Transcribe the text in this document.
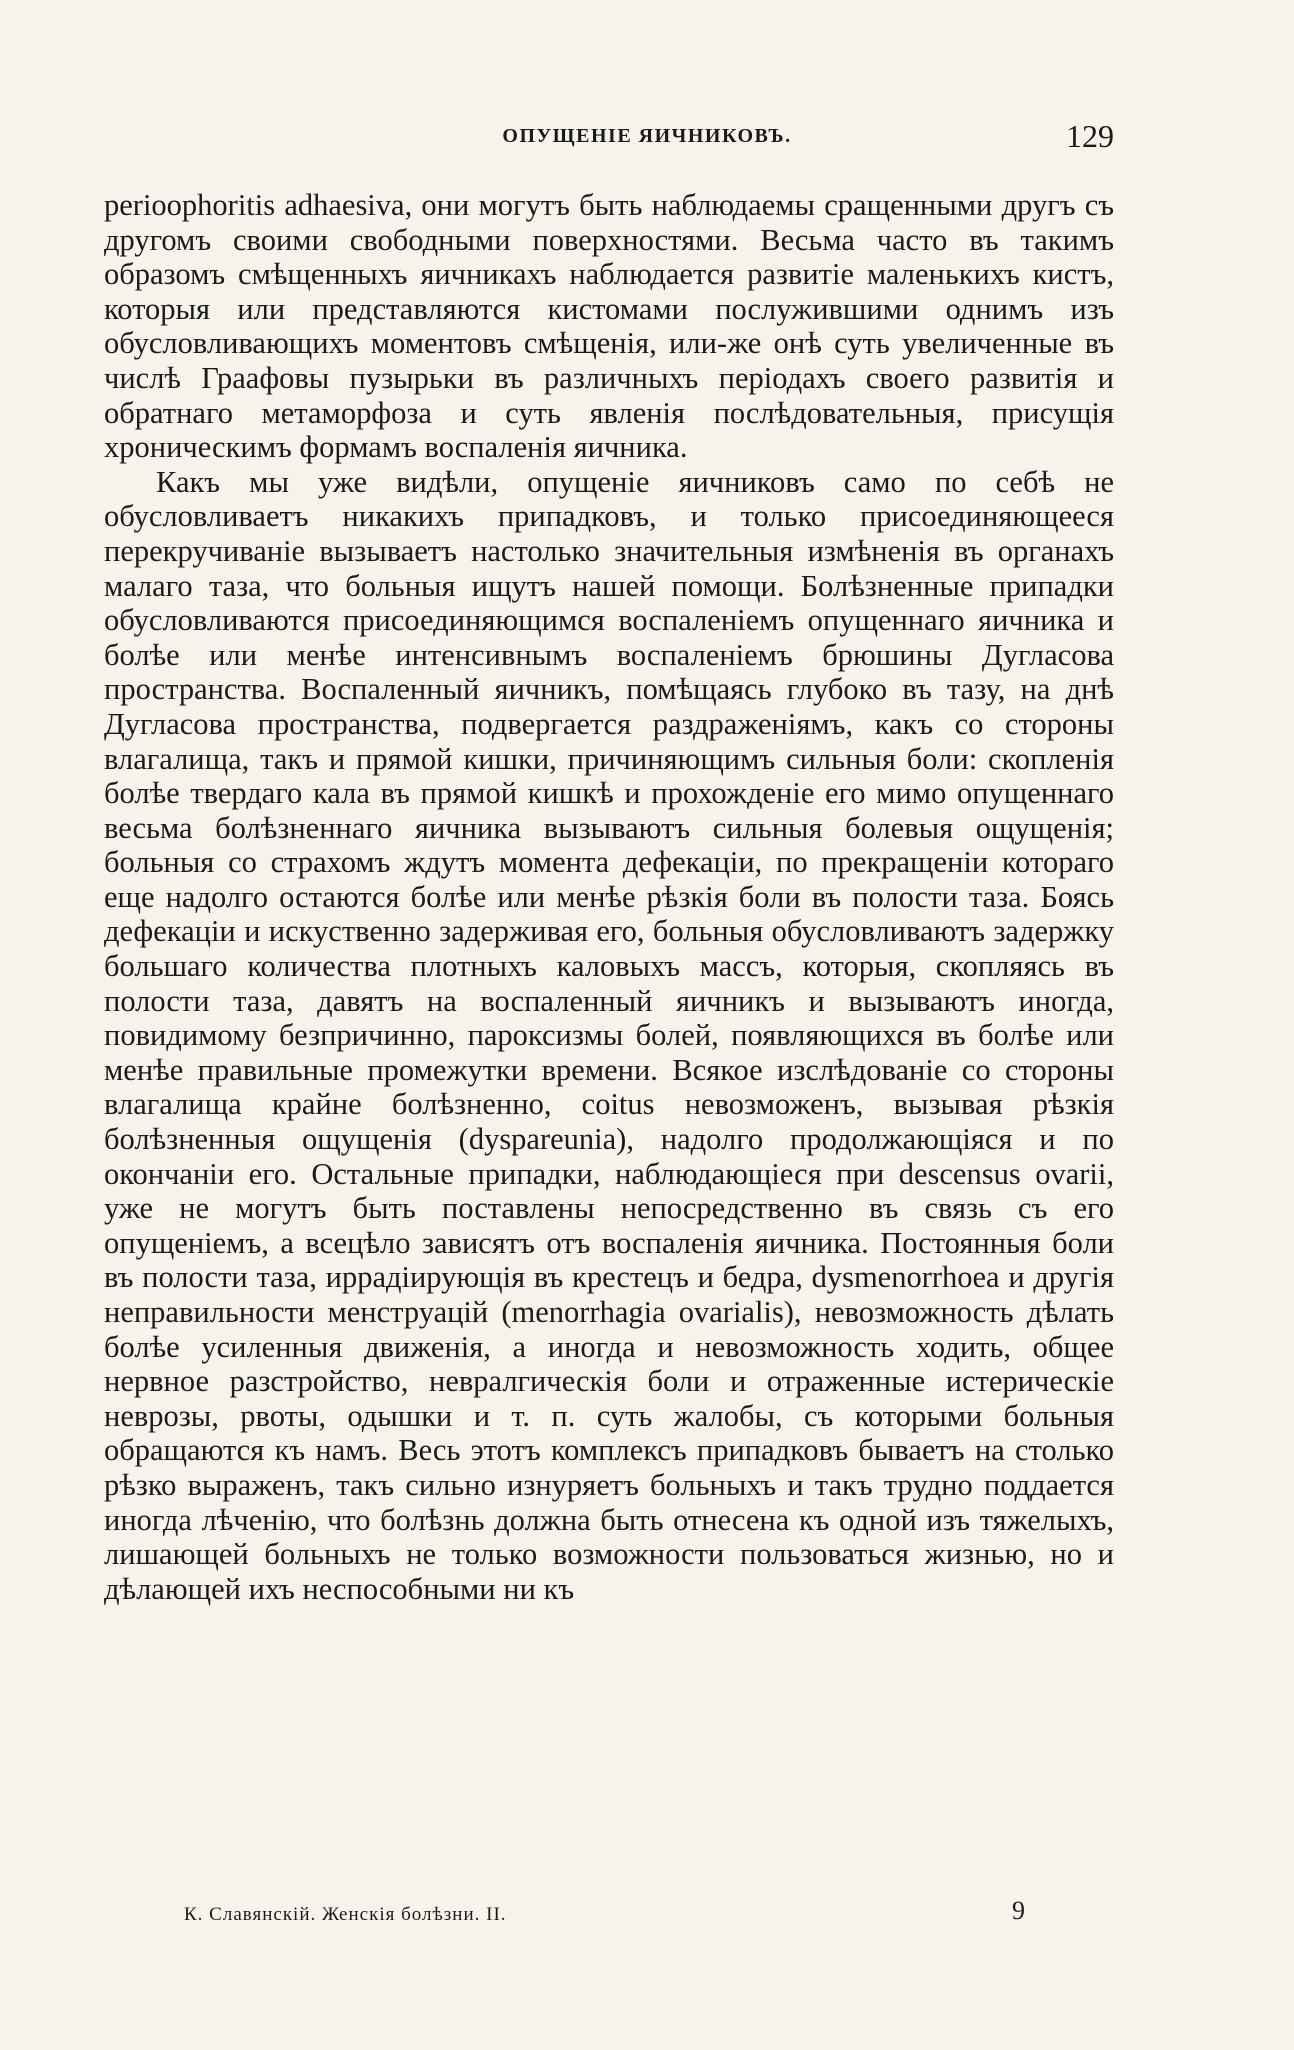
ОПУЩЕНІЕ ЯИЧНИКОВЪ.	129

perioophoritis adhaesiva, они могутъ быть наблюдаемы сращенными другъ съ другомъ своими свободными поверхностями. Весьма часто въ такимъ образомъ смѣщенныхъ яичникахъ наблюдается развитіе маленькихъ кистъ, которыя или представляются кистомами послужившими однимъ изъ обусловливающихъ моментовъ смѣщенія, или-же онѣ суть увеличенные въ числѣ Граафовы пузырьки въ различныхъ періодахъ своего развитія и обратнаго метаморфоза и суть явленія послѣдовательныя, присущія хроническимъ формамъ воспаленія яичника.

Какъ мы уже видѣли, опущеніе яичниковъ само по себѣ не обусловливаетъ никакихъ припадковъ, и только присоединяющееся перекручиваніе вызываетъ настолько значительныя измѣненія въ органахъ малаго таза, что больныя ищутъ нашей помощи. Болѣзненные припадки обусловливаются присоединяющимся воспаленіемъ опущеннаго яичника и болѣе или менѣе интенсивнымъ воспаленіемъ брюшины Дугласова пространства. Воспаленный яичникъ, помѣщаясь глубоко въ тазу, на днѣ Дугласова пространства, подвергается раздраженіямъ, какъ со стороны влагалища, такъ и прямой кишки, причиняющимъ сильныя боли: скопленія болѣе твердаго кала въ прямой кишкѣ и прохожденіе его мимо опущеннаго весьма болѣзненнаго яичника вызываютъ сильныя болевыя ощущенія; больныя со страхомъ ждутъ момента дефекаціи, по прекращеніи котораго еще надолго остаются болѣе или менѣе рѣзкія боли въ полости таза. Боясь дефекаціи и искуственно задерживая его, больныя обусловливаютъ задержку большаго количества плотныхъ каловыхъ массъ, которыя, скопляясь въ полости таза, давятъ на воспаленный яичникъ и вызываютъ иногда, повидимому безпричинно, пароксизмы болей, появляющихся въ болѣе или менѣе правильные промежутки времени. Всякое изслѣдованіе со стороны влагалища крайне болѣзненно, coitus невозможенъ, вызывая рѣзкія болѣзненныя ощущенія (dyspareunia), надолго продолжающіяся и по окончаніи его. Остальные припадки, наблюдающіеся при descensus ovarii, уже не могутъ быть поставлены непосредственно въ связь съ его опущеніемъ, а всецѣло зависятъ отъ воспаленія яичника. Постоянныя боли въ полости таза, иррадіирующія въ крестецъ и бедра, dysmenorrhoea и другія неправильности менструацій (menorrhagia ovarialis), невозможность дѣлать болѣе усиленныя движенія, а иногда и невозможность ходить, общее нервное разстройство, невралгическія боли и отраженные истерическіе неврозы, рвоты, одышки и т. п. суть жалобы, съ которыми больныя обращаются къ намъ. Весь этотъ комплексъ припадковъ бываетъ на столько рѣзко выраженъ, такъ сильно изнуряетъ больныхъ и такъ трудно поддается иногда лѣченію, что болѣзнь должна быть отнесена къ одной изъ тяжелыхъ, лишающей больныхъ не только возможности пользоваться жизнью, но и дѣлающей ихъ неспособными ни къ

К. Славянскій. Женскія болѣзни. II.	9
